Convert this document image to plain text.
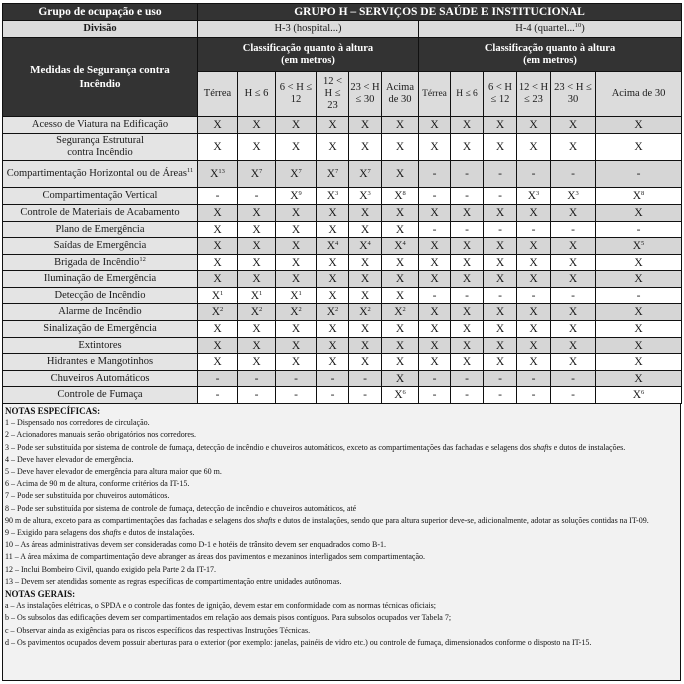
Grupo de ocupação e uso	GRUPO H – SERVIÇOS DE SAÚDE E INSTITUCIONAL											
Divisão	H-3 (hospital...)						H-4 (quartel...$^{10}$)					
Medidas de Segurança contra Incêndio	
Classificação quanto à altura
(em metros)

Classificação quanto à altura
(em metros)

	Térrea	H ≤ 6	6 < H ≤ 12	12 < H ≤ 23	23 < H ≤ 30	Acima de 30	Térrea	H ≤ 6	6 < H ≤ 12	12 < H ≤ 23	23 < H ≤ 30	Acima de 30
Acesso de Viatura na Edificação	X	X	X	X	X	X	X	X	X	X	X	X
Segurança Estrutural contra Incêndio	X	X	X	X	X	X	X	X	X	X	X	X
Compartimentação Horizontal ou de Áreas$^{11}$	$X^{13}$	$X^7$	$X^7$	$X^7$	$X^7$	X	-	-	-	-	-	-
Compartimentação Vertical	-	-	$X^9$	$X^3$	$X^3$	$X^8$	-	-	-	$X^3$	$X^3$	$X^8$
Controle de Materiais de Acabamento	X	X	X	X	X	X	X	X	X	X	X	X
Plano de Emergência	X	X	X	X	X	X	-	-	-	-	-	-
Saídas de Emergência	X	X	X	$X^4$	$X^4$	$X^4$	X	X	X	X	X	$X^5$
Brigada de Incêndio$^{12}$	X	X	X	X	X	X	X	X	X	X	X	X
Iluminação de Emergência	X	X	X	X	X	X	X	X	X	X	X	X
Detecção de Incêndio	$X^1$	$X^1$	$X^1$	X	X	X	-	-	-	-	-	-
Alarme de Incêndio	$X^2$	$X^2$	$X^2$	$X^2$	$X^2$	$X^2$	X	X	X	X	X	X
Sinalização de Emergência	X	X	X	X	X	X	X	X	X	X	X	X
Extintores	X	X	X	X	X	X	X	X	X	X	X	X
Hidrantes e Mangotinhos	X	X	X	X	X	X	X	X	X	X	X	X
Chuveiros Automáticos	-	-	-	-	-	X	-	-	-	-	-	X
Controle de Fumaça	-	-	-	-	-	$X^6$	-	-	-	-	-	$X^6$

NOTAS ESPECÍFICAS:

1 – Dispensado nos corredores de circulação.

2 – Acionadores manuais serão obrigatórios nos corredores.

3 – Pode ser substituída por sistema de controle de fumaça, detecção de incêndio e chuveiros automáticos, exceto as compartimentações das fachadas e selagens dos shafts e dutos de instalações.

4 – Deve haver elevador de emergência.

5 – Deve haver elevador de emergência para altura maior que 60 m.

6 – Acima de 90 m de altura, conforme critérios da IT-15.

7 – Pode ser substituída por chuveiros automáticos.

8 – Pode ser substituída por sistema de controle de fumaça, detecção de incêndio e chuveiros automáticos, até

90 m de altura, exceto para as compartimentações das fachadas e selagens dos shafts e dutos de instalações, sendo que para altura superior deve-se, adicionalmente, adotar as soluções contidas na IT-09.

9 – Exigido para selagens dos shafts e dutos de instalações.

10 – As áreas administrativas devem ser consideradas como D-1 e hotéis de trânsito devem ser enquadrados como B-1.

11 – A área máxima de compartimentação deve abranger as áreas dos pavimentos e mezaninos interligados sem compartimentação.

12 – Inclui Bombeiro Civil, quando exigido pela Parte 2 da IT-17.

13 – Devem ser atendidas somente as regras específicas de compartimentação entre unidades autônomas.

NOTAS GERAIS:

a – As instalações elétricas, o SPDA e o controle das fontes de ignição, devem estar em conformidade com as normas técnicas oficiais;

b – Os subsolos das edificações devem ser compartimentados em relação aos demais pisos contíguos. Para subsolos ocupados ver Tabela 7;

c – Observar ainda as exigências para os riscos específicos das respectivas Instruções Técnicas.

d – Os pavimentos ocupados devem possuir aberturas para o exterior (por exemplo: janelas, painéis de vidro etc.) ou controle de fumaça, dimensionados conforme o disposto na IT-15.
